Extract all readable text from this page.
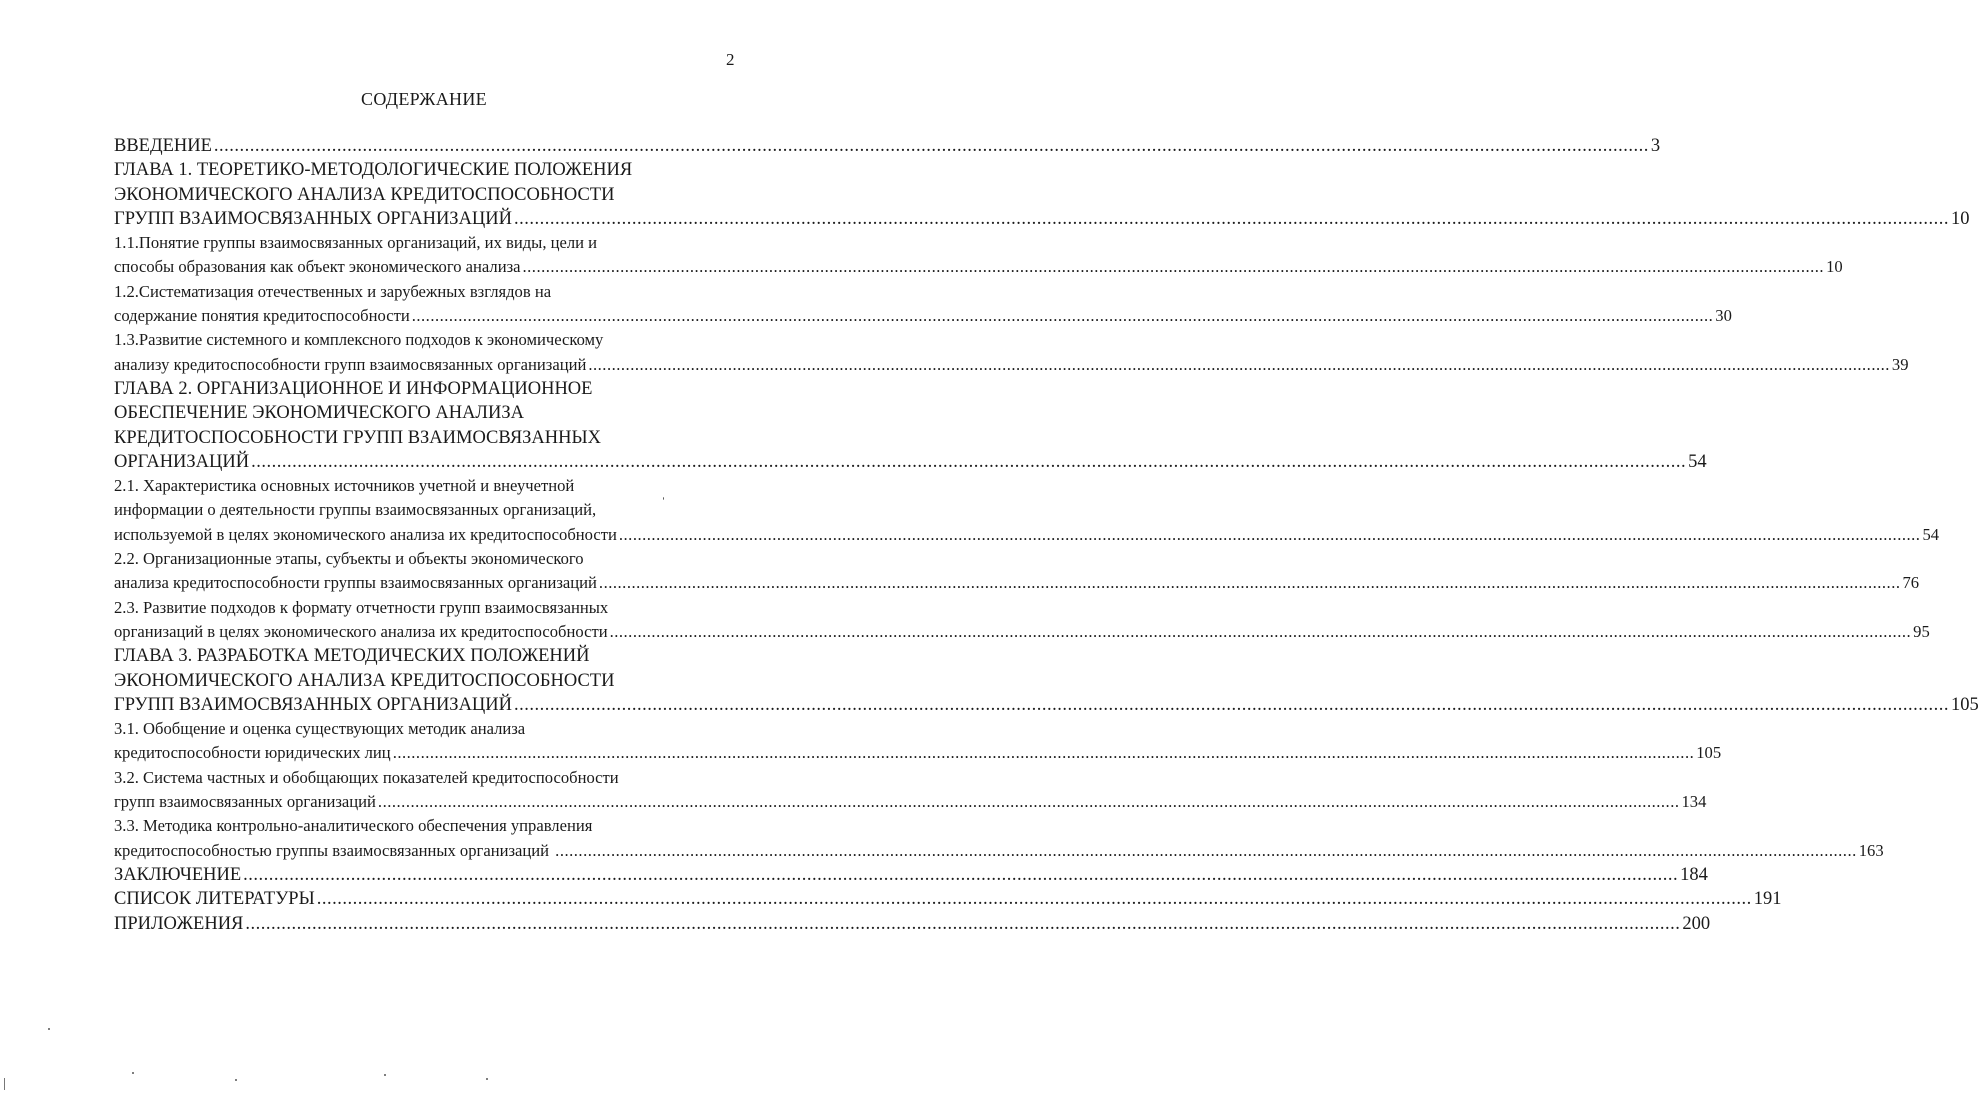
2
СОДЕРЖАНИЕ
ВВЕДЕНИЕ .....	3
ГЛАВА 1. ТЕОРЕТИКО-МЕТОДОЛОГИЧЕСКИЕ ПОЛОЖЕНИЯ
ЭКОНОМИЧЕСКОГО АНАЛИЗА КРЕДИТОСПОСОБНОСТИ
ГРУПП ВЗАИМОСВЯЗАННЫХ ОРГАНИЗАЦИЙ .....	10
1.1.Понятие группы взаимосвязанных организаций, их виды, цели и
способы образования как объект экономического анализа .....	10
1.2.Систематизация отечественных и зарубежных взглядов на
содержание понятия кредитоспособности .....	30
1.3.Развитие системного и комплексного подходов к экономическому
анализу кредитоспособности групп взаимосвязанных организаций .....	39
ГЛАВА 2. ОРГАНИЗАЦИОННОЕ И ИНФОРМАЦИОННОЕ
ОБЕСПЕЧЕНИЕ ЭКОНОМИЧЕСКОГО АНАЛИЗА
КРЕДИТОСПОСОБНОСТИ ГРУПП ВЗАИМОСВЯЗАННЫХ
ОРГАНИЗАЦИЙ .....	54
2.1. Характеристика основных источников учетной и внеучетной
информации о деятельности группы взаимосвязанных организаций,
используемой в целях экономического анализа их кредитоспособности .....	54
2.2. Организационные этапы, субъекты и объекты экономического
анализа кредитоспособности группы взаимосвязанных организаций .....	76
2.3. Развитие подходов к формату отчетности групп взаимосвязанных
организаций в целях экономического анализа их кредитоспособности .....	95
ГЛАВА 3. РАЗРАБОТКА МЕТОДИЧЕСКИХ ПОЛОЖЕНИЙ
ЭКОНОМИЧЕСКОГО АНАЛИЗА КРЕДИТОСПОСОБНОСТИ
ГРУПП ВЗАИМОСВЯЗАННЫХ ОРГАНИЗАЦИЙ .....	105
3.1. Обобщение и оценка существующих методик анализа
кредитоспособности юридических лиц .....	105
3.2. Система частных и обобщающих показателей кредитоспособности
групп взаимосвязанных организаций .....	134
3.3. Методика контрольно-аналитического обеспечения управления
кредитоспособностью группы взаимосвязанных организаций .....	163
ЗАКЛЮЧЕНИЕ .....	184
СПИСОК ЛИТЕРАТУРЫ .....	191
ПРИЛОЖЕНИЯ .....	200
